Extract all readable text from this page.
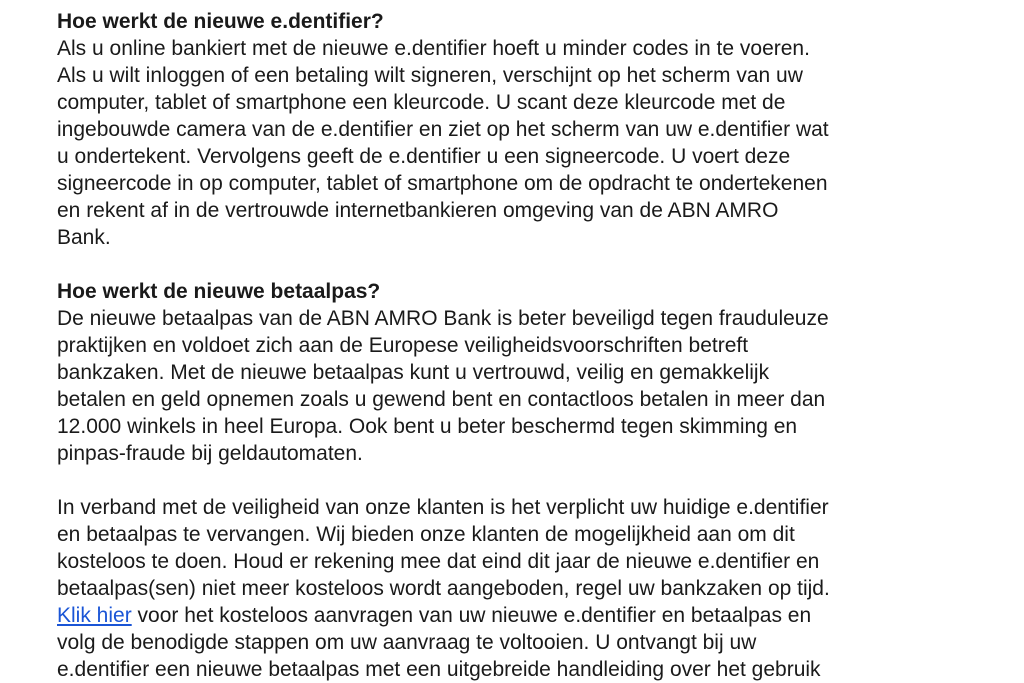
Hoe werkt de nieuwe e.dentifier?
Als u online bankiert met de nieuwe e.dentifier hoeft u minder codes in te voeren.
Als u wilt inloggen of een betaling wilt signeren, verschijnt op het scherm van uw
computer, tablet of smartphone een kleurcode. U scant deze kleurcode met de
ingebouwde camera van de e.dentifier en ziet op het scherm van uw e.dentifier wat
u ondertekent. Vervolgens geeft de e.dentifier u een signeercode. U voert deze
signeercode in op computer, tablet of smartphone om de opdracht te ondertekenen
en rekent af in de vertrouwde internetbankieren omgeving van de ABN AMRO
Bank.
Hoe werkt de nieuwe betaalpas?
De nieuwe betaalpas van de ABN AMRO Bank is beter beveiligd tegen frauduleuze
praktijken en voldoet zich aan de Europese veiligheidsvoorschriften betreft
bankzaken. Met de nieuwe betaalpas kunt u vertrouwd, veilig en gemakkelijk
betalen en geld opnemen zoals u gewend bent en contactloos betalen in meer dan
12.000 winkels in heel Europa. Ook bent u beter beschermd tegen skimming en
pinpas-fraude bij geldautomaten.
In verband met de veiligheid van onze klanten is het verplicht uw huidige e.dentifier
en betaalpas te vervangen. Wij bieden onze klanten de mogelijkheid aan om dit
kosteloos te doen. Houd er rekening mee dat eind dit jaar de nieuwe e.dentifier en
betaalpas(sen) niet meer kosteloos wordt aangeboden, regel uw bankzaken op tijd.
Klik hier voor het kosteloos aanvragen van uw nieuwe e.dentifier en betaalpas en
volg de benodigde stappen om uw aanvraag te voltooien. U ontvangt bij uw
e.dentifier een nieuwe betaalpas met een uitgebreide handleiding over het gebruik
